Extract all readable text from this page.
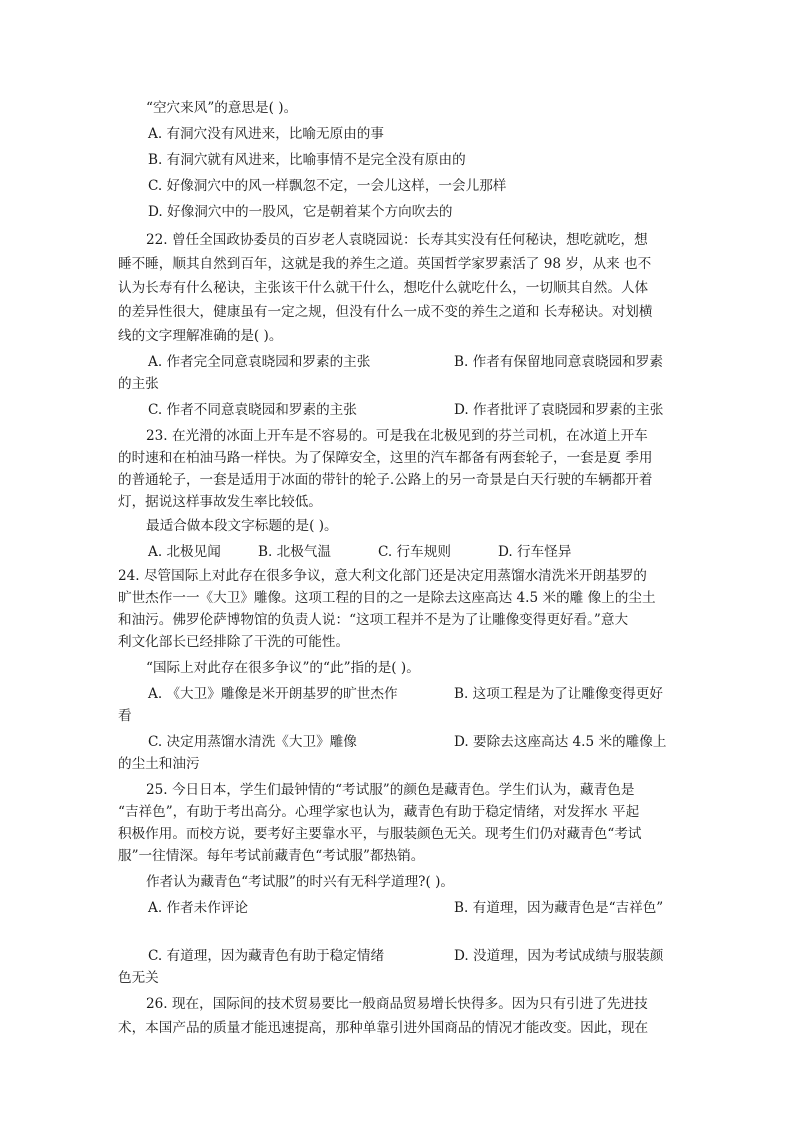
“空穴来风”的意思是( )。
A. 有洞穴没有风进来，比喻无原由的事
B. 有洞穴就有风进来，比喻事情不是完全没有原由的
C. 好像洞穴中的风一样飘忽不定，一会儿这样，一会儿那样
D. 好像洞穴中的一股风，它是朝着某个方向吹去的
22. 曾任全国政协委员的百岁老人袁晓园说：长寿其实没有任何秘诀，想吃就吃，想
睡不睡，顺其自然到百年，这就是我的养生之道。英国哲学家罗素活了 98 岁，从来 也不
认为长寿有什么秘诀，主张该干什么就干什么，想吃什么就吃什么，一切顺其自然。人体
的差异性很大，健康虽有一定之规，但没有什么一成不变的养生之道和 长寿秘诀。对划横
线的文字理解准确的是( )。
A. 作者完全同意袁晓园和罗素的主张	B. 作者有保留地同意袁晓园和罗素
的主张
C. 作者不同意袁晓园和罗素的主张	D. 作者批评了袁晓园和罗素的主张
23. 在光滑的冰面上开车是不容易的。可是我在北极见到的芬兰司机，在冰道上开车
的时速和在柏油马路一样快。为了保障安全，这里的汽车都备有两套轮子，一套是夏 季用
的普通轮子，一套是适用于冰面的带针的轮子.公路上的另一奇景是白天行驶的车辆都开着
灯，据说这样事故发生率比较低。
最适合做本段文字标题的是( )。
A. 北极见闻	B. 北极气温	C. 行车规则	D. 行车怪异
24. 尽管国际上对此存在很多争议，意大利文化部门还是决定用蒸馏水清洗米开朗基罗的
旷世杰作一一《大卫》雕像。这项工程的目的之一是除去这座高达 4.5 米的雕 像上的尘土
和油污。佛罗伦萨博物馆的负责人说：“这项工程并不是为了让雕像变得更好看。”意大
利文化部长已经排除了干洗的可能性。
“国际上对此存在很多争议”的“此”指的是( )。
A. 《大卫》雕像是米开朗基罗的旷世杰作	B. 这项工程是为了让雕像变得更好
看
C. 决定用蒸馏水清洗《大卫》雕像	D. 要除去这座高达 4.5 米的雕像上
的尘土和油污
25. 今日日本，学生们最钟情的“考试服”的颜色是藏青色。学生们认为，藏青色是
“吉祥色”，有助于考出高分。心理学家也认为，藏青色有助于稳定情绪，对发挥水 平起
积极作用。而校方说，要考好主要靠水平，与服装颜色无关。现考生们仍对藏青色“考试
服”一往情深。每年考试前藏青色“考试服”都热销。
作者认为藏青色“考试服”的时兴有无科学道理?( )。
A. 作者未作评论	B. 有道理，因为藏青色是“吉祥色”
C. 有道理，因为藏青色有助于稳定情绪	D. 没道理，因为考试成绩与服装颜
色无关
26. 现在，国际间的技术贸易要比一般商品贸易增长快得多。因为只有引进了先进技
术，本国产品的质量才能迅速提高，那种单靠引进外国商品的情况才能改变。因此，现在
